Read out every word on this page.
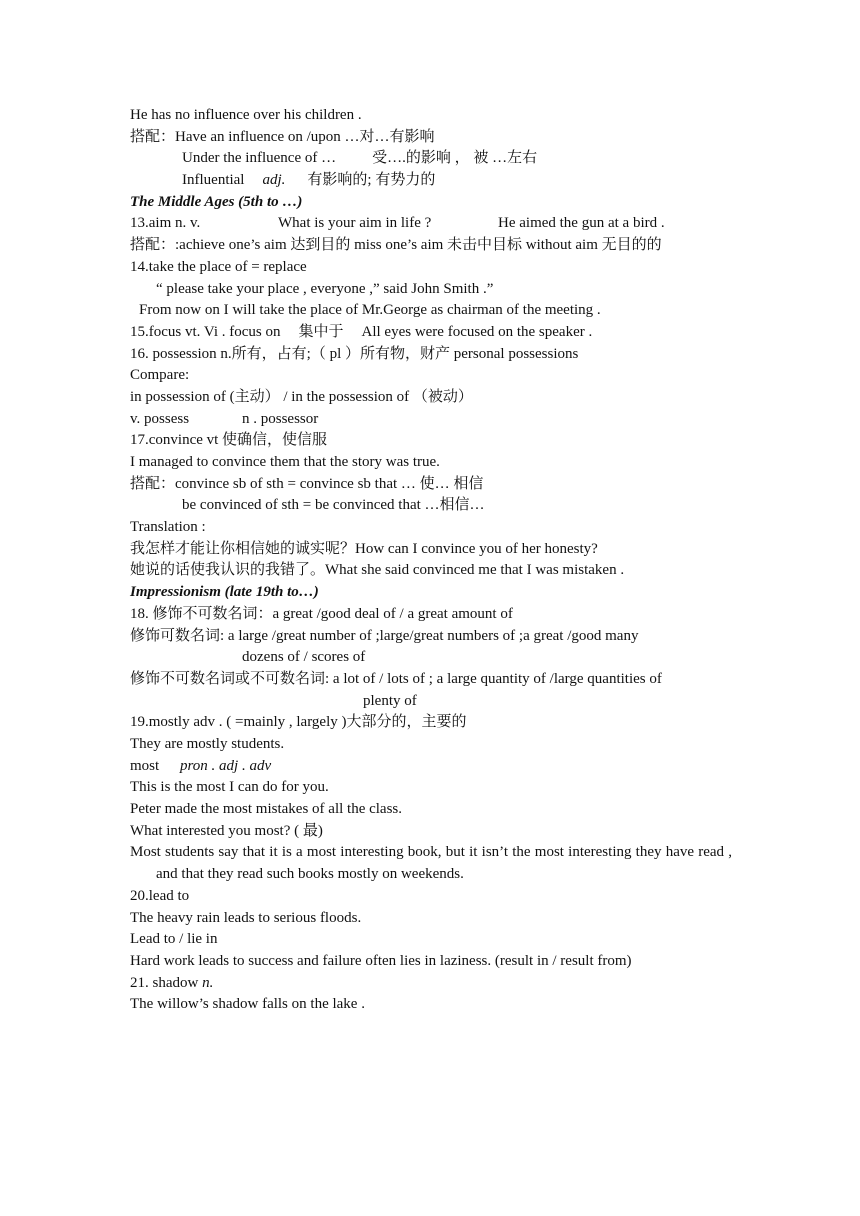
He has no influence over his children .
搭配：Have an influence on /upon …对…有影响
Under the influence of … 受….的影响 ， 被 …左右
Influential adj. 有影响的; 有势力的
The Middle Ages (5th to …)
13.aim n. v.	What is your aim in life ?	He aimed the gun at a bird .
搭配：:achieve one’s aim 达到目的 miss one’s aim 未击中目标 without aim 无目的的
14.take the place of = replace
“ please take your place , everyone ,” said John Smith .”
From now on I will take the place of Mr.George as chairman of the meeting .
15.focus vt. Vi . focus on 集中于 All eyes were focused on the speaker .
16. possession n.所有，占有;（ pl ）所有物，财产 personal possessions
Compare:
in possession of (主动） / in the possession of （被动）
v. possess	n . possessor
17.convince vt 使确信，使信服
I managed to convince them that the story was true.
搭配：convince sb of sth = convince sb that … 使… 相信
be convinced of sth = be convinced that …相信…
Translation :
我怎样才能让你相信她的诚实呢？How can I convince you of her honesty?
她说的话使我认识的我错了。What she said convinced me that I was mistaken .
Impressionism (late 19th to…)
18. 修饰不可数名词：a great /good deal of / a great amount of
修饰可数名词: a large /great number of ;large/great numbers of ;a great /good many
dozens of / scores of
修饰不可数名词或不可数名词: a lot of / lots of ; a large quantity of /large quantities of
plenty of
19.mostly adv . ( =mainly , largely )大部分的，主要的
They are mostly students.
most pron . adj . adv
This is the most I can do for you.
Peter made the most mistakes of all the class.
What interested you most? ( 最)
Most students say that it is a most interesting book, but it isn’t the most interesting they have read , and that they read such books mostly on weekends.
20.lead to
The heavy rain leads to serious floods.
Lead to / lie in
Hard work leads to success and failure often lies in laziness. (result in / result from)
21. shadow n.
The willow’s shadow falls on the lake .
